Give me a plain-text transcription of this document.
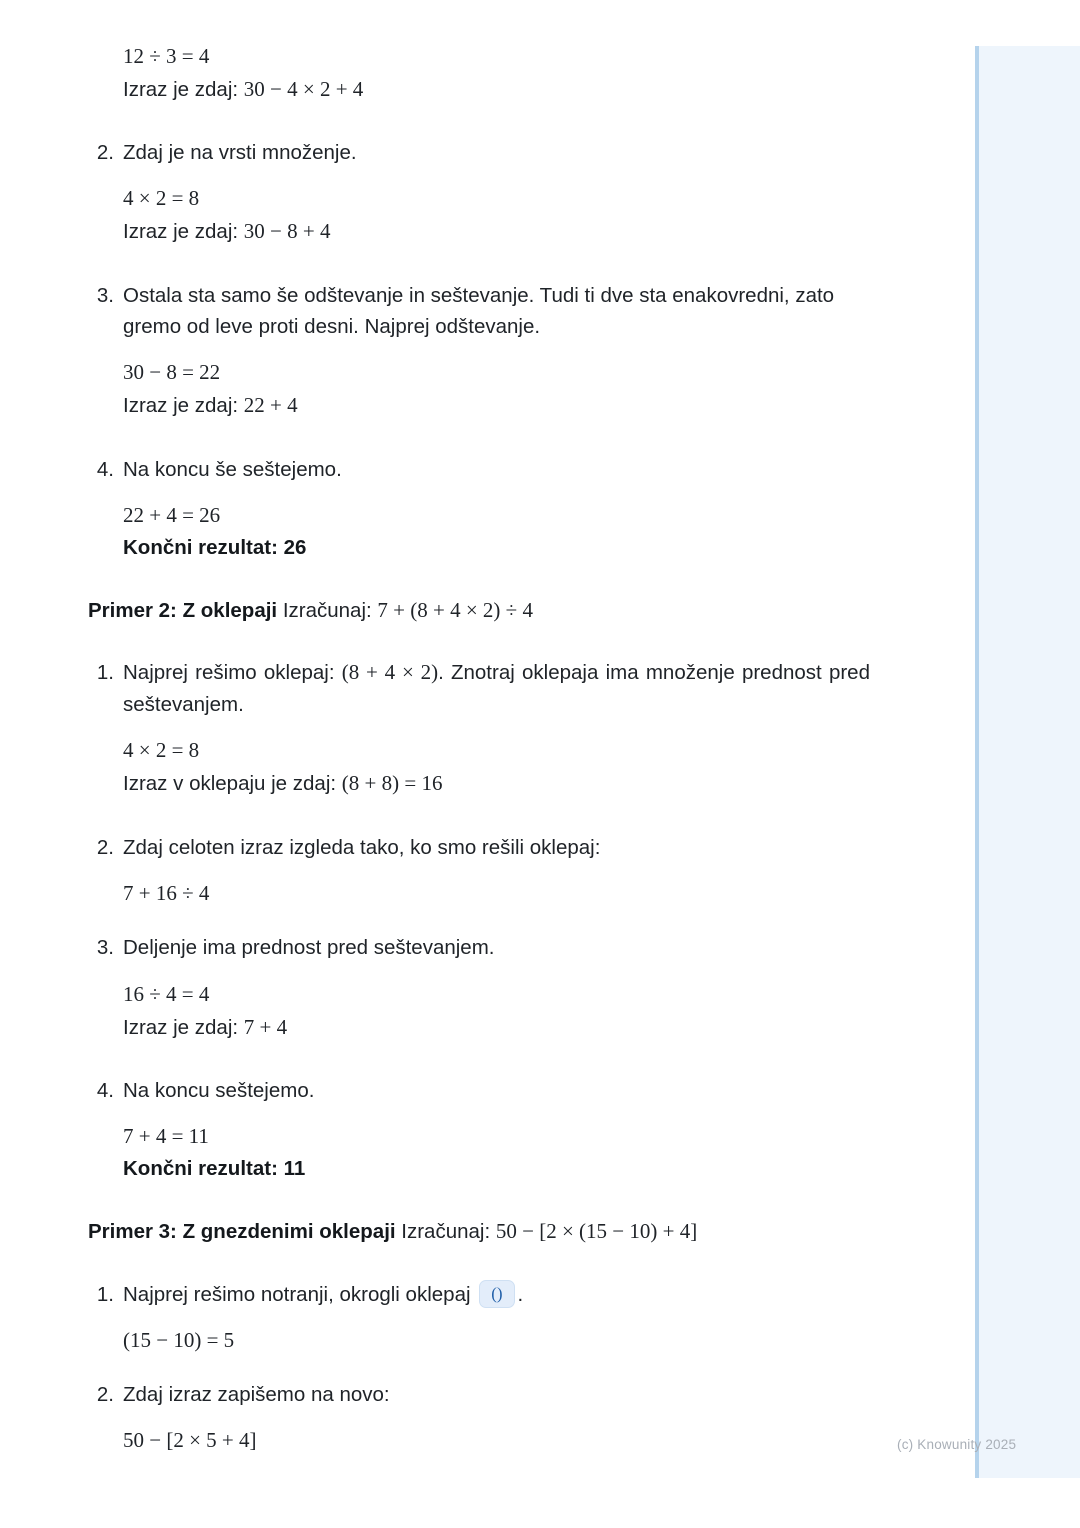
12 ÷ 3 = 4
Izraz je zdaj: 30 − 4 × 2 + 4
2. Zdaj je na vrsti množenje.
4 × 2 = 8
Izraz je zdaj: 30 − 8 + 4
3. Ostala sta samo še odštevanje in seštevanje. Tudi ti dve sta enakovredni, zato gremo od leve proti desni. Najprej odštevanje.
30 − 8 = 22
Izraz je zdaj: 22 + 4
4. Na koncu še seštejemo.
22 + 4 = 26
Končni rezultat: 26

Primer 2: Z oklepaji Izračunaj: 7 + (8 + 4 × 2) ÷ 4

1. Najprej rešimo oklepaj: (8 + 4 × 2). Znotraj oklepaja ima množenje prednost pred seštevanjem.
4 × 2 = 8
Izraz v oklepaju je zdaj: (8 + 8) = 16
2. Zdaj celoten izraz izgleda tako, ko smo rešili oklepaj:
7 + 16 ÷ 4
3. Deljenje ima prednost pred seštevanjem.
16 ÷ 4 = 4
Izraz je zdaj: 7 + 4
4. Na koncu seštejemo.
7 + 4 = 11
Končni rezultat: 11

Primer 3: Z gnezdenimi oklepaji Izračunaj: 50 − [2 × (15 − 10) + 4]

1. Najprej rešimo notranji, okrogli oklepaj () .
(15 − 10) = 5
2. Zdaj izraz zapišemo na novo:
50 − [2 × 5 + 4]	(c) Knowunity 2025
